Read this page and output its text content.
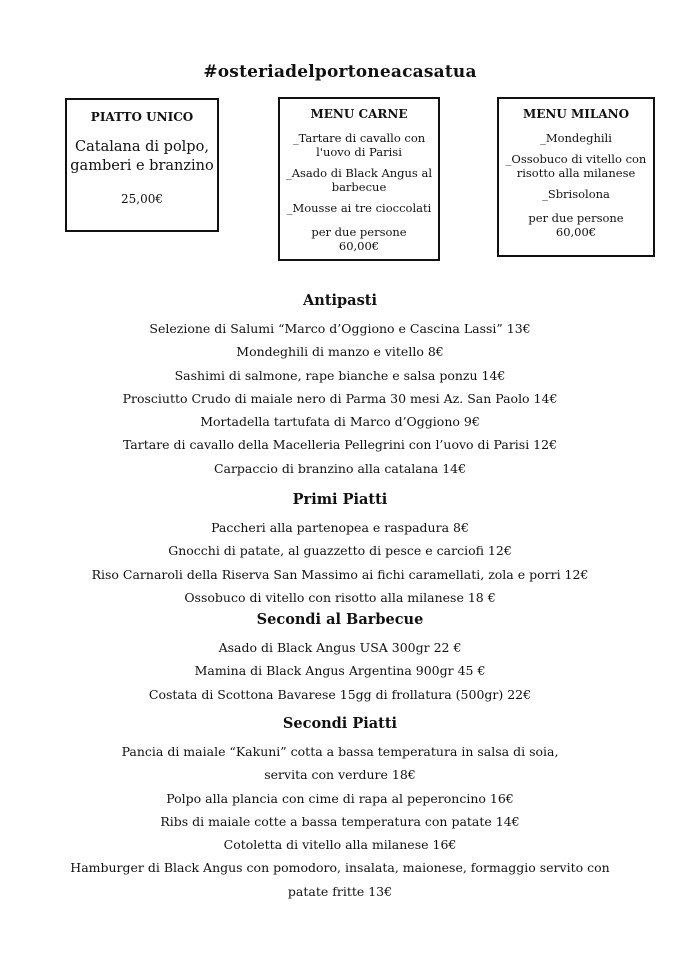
#osteriadelportoneacasatua
PIATTO UNICO
Catalana di polpo,
gamberi e branzino
25,00€
MENU CARNE
_Tartare di cavallo con l'uovo di Parisi
_Asado di Black Angus al barbecue
_Mousse ai tre cioccolati
per due persone
60,00€
MENU MILANO
_Mondeghili
_Ossobuco di vitello con risotto alla milanese
_Sbrisolona
per due persone
60,00€
Antipasti
Selezione di Salumi “Marco d’Oggiono e Cascina Lassi” 13€
Mondeghili di manzo e vitello 8€
Sashimi di salmone, rape bianche e salsa ponzu 14€
Prosciutto Crudo di maiale nero di Parma 30 mesi Az. San Paolo 14€
Mortadella tartufata di Marco d’Oggiono 9€
Tartare di cavallo della Macelleria Pellegrini con l’uovo di Parisi 12€
Carpaccio di branzino alla catalana 14€
Primi Piatti
Paccheri alla partenopea e raspadura 8€
Gnocchi di patate, al guazzetto di pesce e carciofi 12€
Riso Carnaroli della Riserva San Massimo ai fichi caramellati, zola e porri 12€
Ossobuco di vitello con risotto alla milanese 18 €
Secondi al Barbecue
Asado di Black Angus USA 300gr 22 €
Mamina di Black Angus Argentina 900gr 45 €
Costata di Scottona Bavarese 15gg di frollatura (500gr) 22€
Secondi Piatti
Pancia di maiale “Kakuni” cotta a bassa temperatura in salsa di soia,
servita con verdure 18€
Polpo alla plancia con cime di rapa al peperoncino 16€
Ribs di maiale cotte a bassa temperatura con patate 14€
Cotoletta di vitello alla milanese 16€
Hamburger di Black Angus con pomodoro, insalata, maionese, formaggio servito con
patate fritte 13€
